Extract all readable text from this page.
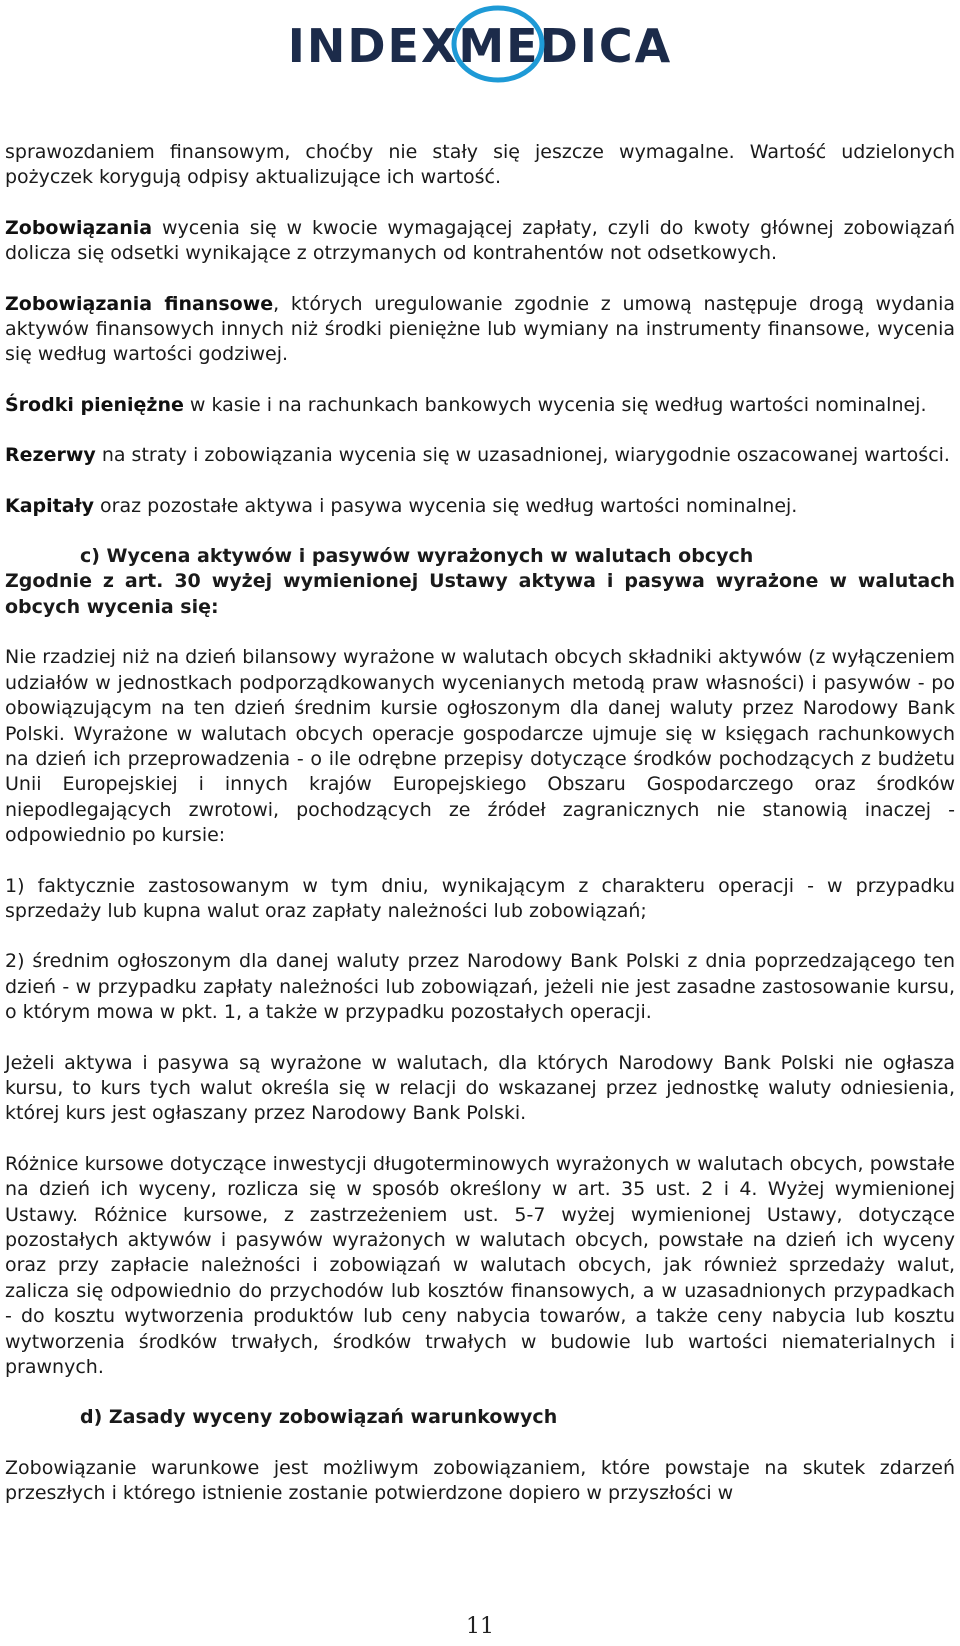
INDEXMEDICA

sprawozdaniem finansowym, choćby nie stały się jeszcze wymagalne. Wartość udzielonych pożyczek korygują odpisy aktualizujące ich wartość.

Zobowiązania wycenia się w kwocie wymagającej zapłaty, czyli do kwoty głównej zobowiązań dolicza się odsetki wynikające z otrzymanych od kontrahentów not odsetkowych.

Zobowiązania finansowe, których uregulowanie zgodnie z umową następuje drogą wydania aktywów finansowych innych niż środki pieniężne lub wymiany na instrumenty finansowe, wycenia się według wartości godziwej.

Środki pieniężne w kasie i na rachunkach bankowych wycenia się według wartości nominalnej.

Rezerwy na straty i zobowiązania wycenia się w uzasadnionej, wiarygodnie oszacowanej wartości.

Kapitały oraz pozostałe aktywa i pasywa wycenia się według wartości nominalnej.

c) Wycena aktywów i pasywów wyrażonych w walutach obcych

Zgodnie z art. 30 wyżej wymienionej Ustawy aktywa i pasywa wyrażone w walutach obcych wycenia się:

Nie rzadziej niż na dzień bilansowy wyrażone w walutach obcych składniki aktywów (z wyłączeniem udziałów w jednostkach podporządkowanych wycenianych metodą praw własności) i pasywów - po obowiązującym na ten dzień średnim kursie ogłoszonym dla danej waluty przez Narodowy Bank Polski. Wyrażone w walutach obcych operacje gospodarcze ujmuje się w księgach rachunkowych na dzień ich przeprowadzenia - o ile odrębne przepisy dotyczące środków pochodzących z budżetu Unii Europejskiej i innych krajów Europejskiego Obszaru Gospodarczego oraz środków niepodlegających zwrotowi, pochodzących ze źródeł zagranicznych nie stanowią inaczej - odpowiednio po kursie:

1) faktycznie zastosowanym w tym dniu, wynikającym z charakteru operacji - w przypadku sprzedaży lub kupna walut oraz zapłaty należności lub zobowiązań;

2) średnim ogłoszonym dla danej waluty przez Narodowy Bank Polski z dnia poprzedzającego ten dzień - w przypadku zapłaty należności lub zobowiązań, jeżeli nie jest zasadne zastosowanie kursu, o którym mowa w pkt. 1, a także w przypadku pozostałych operacji.

Jeżeli aktywa i pasywa są wyrażone w walutach, dla których Narodowy Bank Polski nie ogłasza kursu, to kurs tych walut określa się w relacji do wskazanej przez jednostkę waluty odniesienia, której kurs jest ogłaszany przez Narodowy Bank Polski.

Różnice kursowe dotyczące inwestycji długoterminowych wyrażonych w walutach obcych, powstałe na dzień ich wyceny, rozlicza się w sposób określony w art. 35 ust. 2 i 4. Wyżej wymienionej Ustawy. Różnice kursowe, z zastrzeżeniem ust. 5-7 wyżej wymienionej Ustawy, dotyczące pozostałych aktywów i pasywów wyrażonych w walutach obcych, powstałe na dzień ich wyceny oraz przy zapłacie należności i zobowiązań w walutach obcych, jak również sprzedaży walut, zalicza się odpowiednio do przychodów lub kosztów finansowych, a w uzasadnionych przypadkach - do kosztu wytworzenia produktów lub ceny nabycia towarów, a także ceny nabycia lub kosztu wytworzenia środków trwałych, środków trwałych w budowie lub wartości niematerialnych i prawnych.

d) Zasady wyceny zobowiązań warunkowych

Zobowiązanie warunkowe jest możliwym zobowiązaniem, które powstaje na skutek zdarzeń przeszłych i którego istnienie zostanie potwierdzone dopiero w przyszłości w

11
